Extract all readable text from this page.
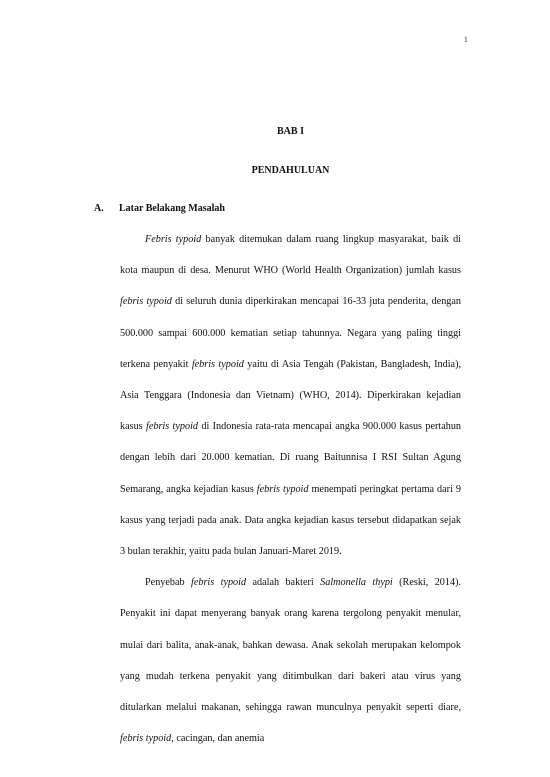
1
BAB I
PENDAHULUAN
A. Latar Belakang Masalah

Febris typoid banyak ditemukan dalam ruang lingkup masyarakat, baik di kota maupun di desa. Menurut WHO (World Health Organization) jumlah kasus febris typoid di seluruh dunia diperkirakan mencapai 16-33 juta penderita, dengan 500.000 sampai 600.000 kematian setiap tahunnya. Negara yang paling tinggi terkena penyakit febris typoid yaitu di Asia Tengah (Pakistan, Bangladesh, India), Asia Tenggara (Indonesia dan Vietnam) (WHO, 2014). Diperkirakan kejadian kasus febris typoid di Indonesia rata-rata mencapai angka 900.000 kasus pertahun dengan lebih dari 20.000 kematian. Di ruang Baitunnisa I RSI Sultan Agung Semarang, angka kejadian kasus febris typoid menempati peringkat pertama dari 9 kasus yang terjadi pada anak. Data angka kejadian kasus tersebut didapatkan sejak 3 bulan terakhir, yaitu pada bulan Januari-Maret 2019.

Penyebab febris typoid adalah bakteri Salmonella thypi (Reski, 2014). Penyakit ini dapat menyerang banyak orang karena tergolong penyakit menular, mulai dari balita, anak-anak, bahkan dewasa. Anak sekolah merupakan kelompok yang mudah terkena penyakit yang ditimbulkan dari bakeri atau virus yang ditularkan melalui makanan, sehingga rawan munculnya penyakit seperti diare, febris typoid, cacingan, dan anemia
